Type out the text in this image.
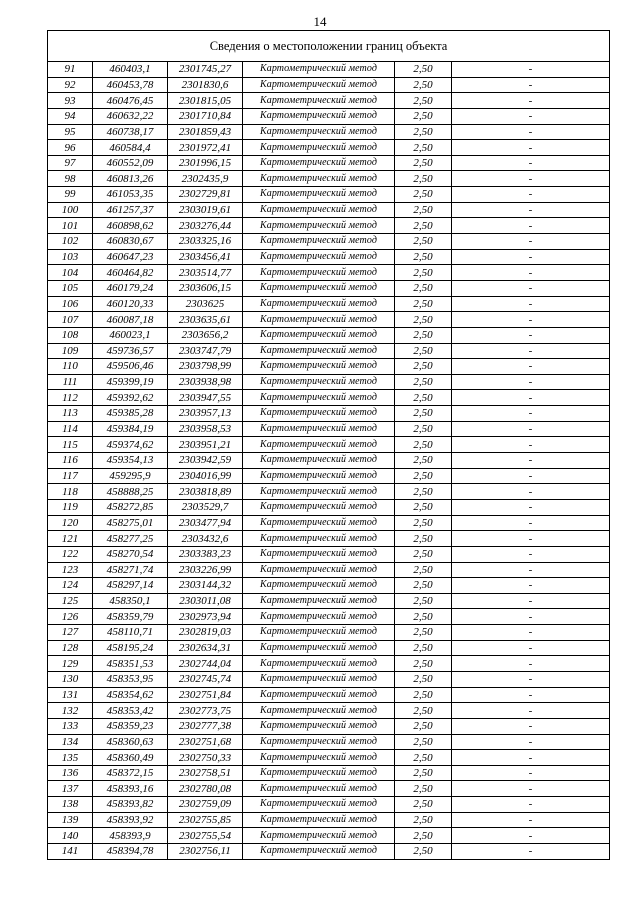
14
Сведения о местоположении границ объекта					
91	460403,1	2301745,27	Картометрический метод	2,50	-
92	460453,78	2301830,6	Картометрический метод	2,50	-
93	460476,45	2301815,05	Картометрический метод	2,50	-
94	460632,22	2301710,84	Картометрический метод	2,50	-
95	460738,17	2301859,43	Картометрический метод	2,50	-
96	460584,4	2301972,41	Картометрический метод	2,50	-
97	460552,09	2301996,15	Картометрический метод	2,50	-
98	460813,26	2302435,9	Картометрический метод	2,50	-
99	461053,35	2302729,81	Картометрический метод	2,50	-
100	461257,37	2303019,61	Картометрический метод	2,50	-
101	460898,62	2303276,44	Картометрический метод	2,50	-
102	460830,67	2303325,16	Картометрический метод	2,50	-
103	460647,23	2303456,41	Картометрический метод	2,50	-
104	460464,82	2303514,77	Картометрический метод	2,50	-
105	460179,24	2303606,15	Картометрический метод	2,50	-
106	460120,33	2303625	Картометрический метод	2,50	-
107	460087,18	2303635,61	Картометрический метод	2,50	-
108	460023,1	2303656,2	Картометрический метод	2,50	-
109	459736,57	2303747,79	Картометрический метод	2,50	-
110	459506,46	2303798,99	Картометрический метод	2,50	-
111	459399,19	2303938,98	Картометрический метод	2,50	-
112	459392,62	2303947,55	Картометрический метод	2,50	-
113	459385,28	2303957,13	Картометрический метод	2,50	-
114	459384,19	2303958,53	Картометрический метод	2,50	-
115	459374,62	2303951,21	Картометрический метод	2,50	-
116	459354,13	2303942,59	Картометрический метод	2,50	-
117	459295,9	2304016,99	Картометрический метод	2,50	-
118	458888,25	2303818,89	Картометрический метод	2,50	-
119	458272,85	2303529,7	Картометрический метод	2,50	-
120	458275,01	2303477,94	Картометрический метод	2,50	-
121	458277,25	2303432,6	Картометрический метод	2,50	-
122	458270,54	2303383,23	Картометрический метод	2,50	-
123	458271,74	2303226,99	Картометрический метод	2,50	-
124	458297,14	2303144,32	Картометрический метод	2,50	-
125	458350,1	2303011,08	Картометрический метод	2,50	-
126	458359,79	2302973,94	Картометрический метод	2,50	-
127	458110,71	2302819,03	Картометрический метод	2,50	-
128	458195,24	2302634,31	Картометрический метод	2,50	-
129	458351,53	2302744,04	Картометрический метод	2,50	-
130	458353,95	2302745,74	Картометрический метод	2,50	-
131	458354,62	2302751,84	Картометрический метод	2,50	-
132	458353,42	2302773,75	Картометрический метод	2,50	-
133	458359,23	2302777,38	Картометрический метод	2,50	-
134	458360,63	2302751,68	Картометрический метод	2,50	-
135	458360,49	2302750,33	Картометрический метод	2,50	-
136	458372,15	2302758,51	Картометрический метод	2,50	-
137	458393,16	2302780,08	Картометрический метод	2,50	-
138	458393,82	2302759,09	Картометрический метод	2,50	-
139	458393,92	2302755,85	Картометрический метод	2,50	-
140	458393,9	2302755,54	Картометрический метод	2,50	-
141	458394,78	2302756,11	Картометрический метод	2,50	-
